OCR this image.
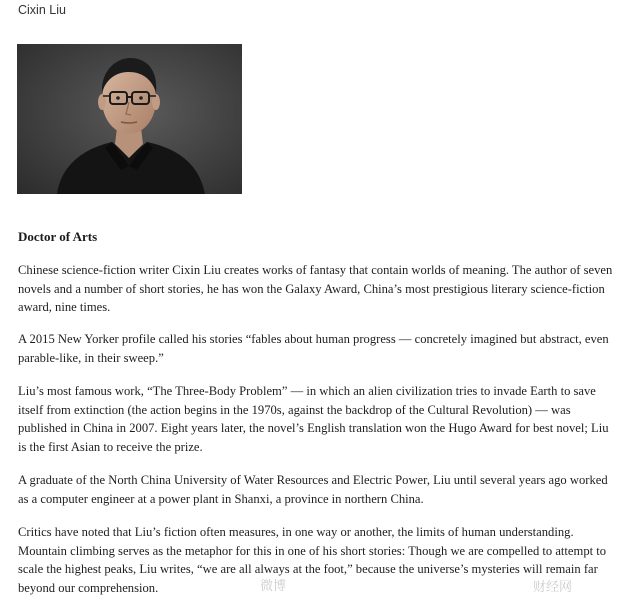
Cixin Liu
Doctor of Arts
Chinese science-fiction writer Cixin Liu creates works of fantasy that contain worlds of meaning. The author of seven novels and a number of short stories, he has won the Galaxy Award, China’s most prestigious literary science-fiction award, nine times.
A 2015 New Yorker profile called his stories “fables about human progress — concretely imagined but abstract, even parable-like, in their sweep.”
Liu’s most famous work, “The Three-Body Problem” — in which an alien civilization tries to invade Earth to save itself from extinction (the action begins in the 1970s, against the backdrop of the Cultural Revolution) — was published in China in 2007. Eight years later, the novel’s English translation won the Hugo Award for best novel; Liu is the first Asian to receive the prize.
A graduate of the North China University of Water Resources and Electric Power, Liu until several years ago worked as a computer engineer at a power plant in Shanxi, a province in northern China.
Critics have noted that Liu’s fiction often measures, in one way or another, the limits of human understanding. Mountain climbing serves as the metaphor for this in one of his short stories: Though we are compelled to attempt to scale the highest peaks, Liu writes, “we are all always at the foot,” because the universe’s mysteries will remain far beyond our comprehension.	微博	财经网
